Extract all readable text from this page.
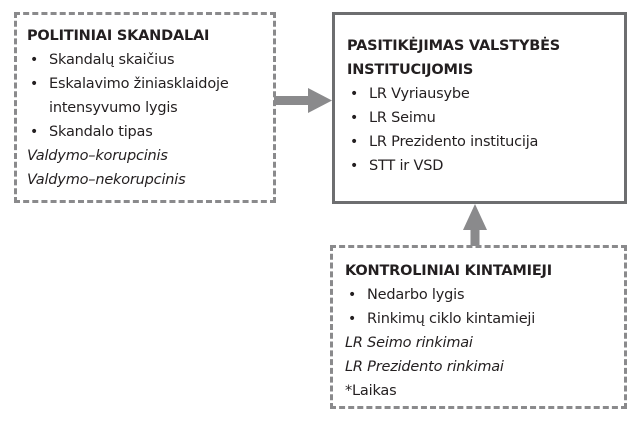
POLITINIAI SKANDALAI
• Skandalų skaičius
• Eskalavimo žiniasklaidoje intensyvumo lygis
• Skandalo tipas
Valdymo–korupcinis
Valdymo–nekorupcinis
PASITIKĖJIMAS VALSTYBĖS INSTITUCIJOMIS
• LR Vyriausybe
• LR Seimu
• LR Prezidento institucija
• STT ir VSD
KONTROLINIAI KINTAMIEJI
• Nedarbo lygis
• Rinkimų ciklo kintamieji
LR Seimo rinkimai
LR Prezidento rinkimai
*Laikas
